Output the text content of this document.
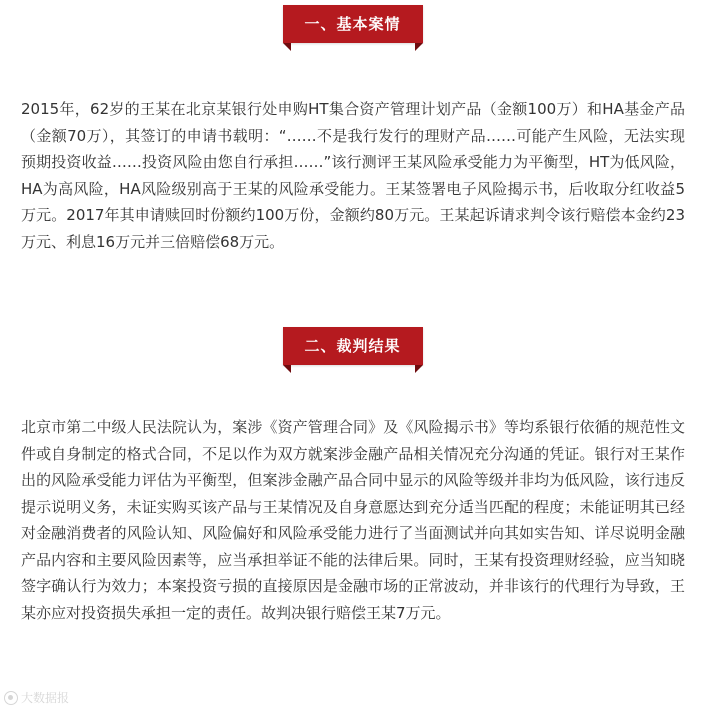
一、基本案情

2015年，62岁的王某在北京某银行处申购HT集合资产管理计划产品（金额100万）和HA基金产品（金额70万），其签订的申请书载明：“……不是我行发行的理财产品……可能产生风险，无法实现预期投资收益……投资风险由您自行承担……”该行测评王某风险承受能力为平衡型，HT为低风险，HA为高风险，HA风险级别高于王某的风险承受能力。王某签署电子风险揭示书，后收取分红收益5万元。2017年其申请赎回时份额约100万份，金额约80万元。王某起诉请求判令该行赔偿本金约23万元、利息16万元并三倍赔偿68万元。

二、裁判结果

北京市第二中级人民法院认为，案涉《资产管理合同》及《风险揭示书》等均系银行依循的规范性文件或自身制定的格式合同，不足以作为双方就案涉金融产品相关情况充分沟通的凭证。银行对王某作出的风险承受能力评估为平衡型，但案涉金融产品合同中显示的风险等级并非均为低风险，该行违反提示说明义务，未证实购买该产品与王某情况及自身意愿达到充分适当匹配的程度；未能证明其已经对金融消费者的风险认知、风险偏好和风险承受能力进行了当面测试并向其如实告知、详尽说明金融产品内容和主要风险因素等，应当承担举证不能的法律后果。同时，王某有投资理财经验，应当知晓签字确认行为效力；本案投资亏损的直接原因是金融市场的正常波动，并非该行的代理行为导致，王某亦应对投资损失承担一定的责任。故判决银行赔偿王某7万元。

大数据报
